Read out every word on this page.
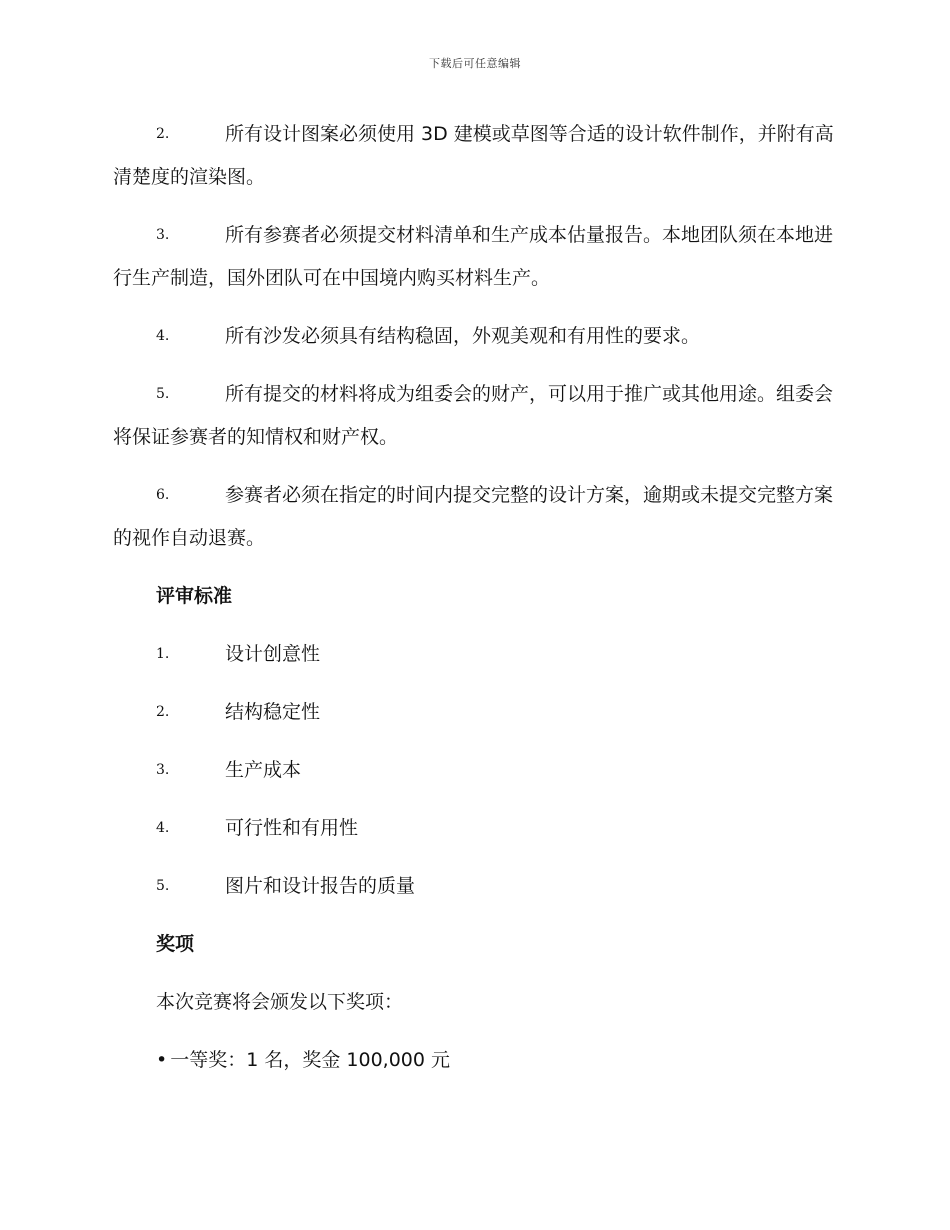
下载后可任意编辑

2.	所有设计图案必须使用 3D 建模或草图等合适的设计软件制作，并附有高清楚度的渲染图。

3.	所有参赛者必须提交材料清单和生产成本估量报告。本地团队须在本地进行生产制造，国外团队可在中国境内购买材料生产。

4.	所有沙发必须具有结构稳固，外观美观和有用性的要求。

5.	所有提交的材料将成为组委会的财产，可以用于推广或其他用途。组委会将保证参赛者的知情权和财产权。

6.	参赛者必须在指定的时间内提交完整的设计方案，逾期或未提交完整方案的视作自动退赛。

评审标准

1.	设计创意性

2.	结构稳定性

3.	生产成本

4.	可行性和有用性

5.	图片和设计报告的质量

奖项

本次竞赛将会颁发以下奖项：

• 一等奖：1 名，奖金 100,000 元
